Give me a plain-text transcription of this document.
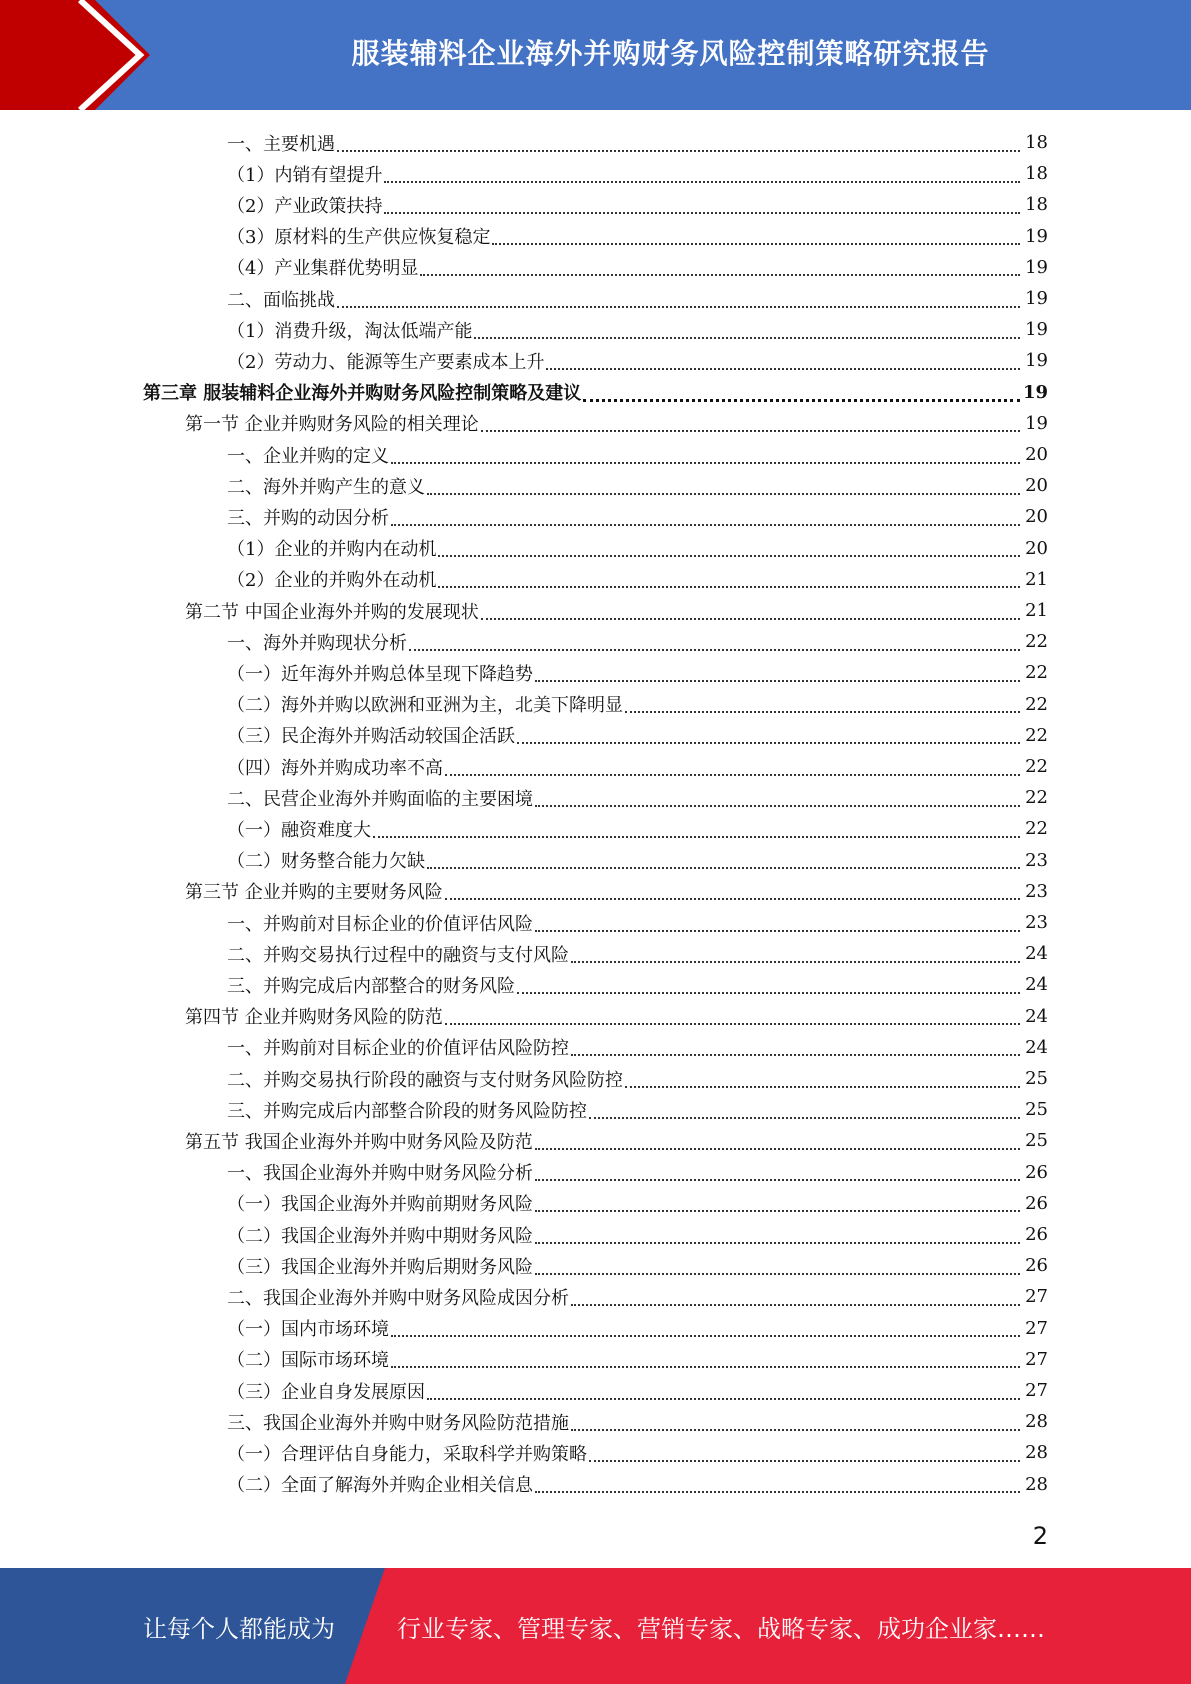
服装辅料企业海外并购财务风险控制策略研究报告
一、主要机遇	18
（1）内销有望提升	18
（2）产业政策扶持	18
（3）原材料的生产供应恢复稳定	19
（4）产业集群优势明显	19
二、面临挑战	19
（1）消费升级，淘汰低端产能	19
（2）劳动力、能源等生产要素成本上升	19
第三章 服装辅料企业海外并购财务风险控制策略及建议	19
第一节 企业并购财务风险的相关理论	19
一、企业并购的定义	20
二、海外并购产生的意义	20
三、并购的动因分析	20
（1）企业的并购内在动机	20
（2）企业的并购外在动机	21
第二节 中国企业海外并购的发展现状	21
一、海外并购现状分析	22
（一）近年海外并购总体呈现下降趋势	22
（二）海外并购以欧洲和亚洲为主，北美下降明显	22
（三）民企海外并购活动较国企活跃	22
（四）海外并购成功率不高	22
二、民营企业海外并购面临的主要困境	22
（一）融资难度大	22
（二）财务整合能力欠缺	23
第三节 企业并购的主要财务风险	23
一、并购前对目标企业的价值评估风险	23
二、并购交易执行过程中的融资与支付风险	24
三、并购完成后内部整合的财务风险	24
第四节 企业并购财务风险的防范	24
一、并购前对目标企业的价值评估风险防控	24
二、并购交易执行阶段的融资与支付财务风险防控	25
三、并购完成后内部整合阶段的财务风险防控	25
第五节 我国企业海外并购中财务风险及防范	25
一、我国企业海外并购中财务风险分析	26
（一）我国企业海外并购前期财务风险	26
（二）我国企业海外并购中期财务风险	26
（三）我国企业海外并购后期财务风险	26
二、我国企业海外并购中财务风险成因分析	27
（一）国内市场环境	27
（二）国际市场环境	27
（三）企业自身发展原因	27
三、我国企业海外并购中财务风险防范措施	28
（一）合理评估自身能力，采取科学并购策略	28
（二）全面了解海外并购企业相关信息	28
2
让每个人都能成为	行业专家、管理专家、营销专家、战略专家、成功企业家……
